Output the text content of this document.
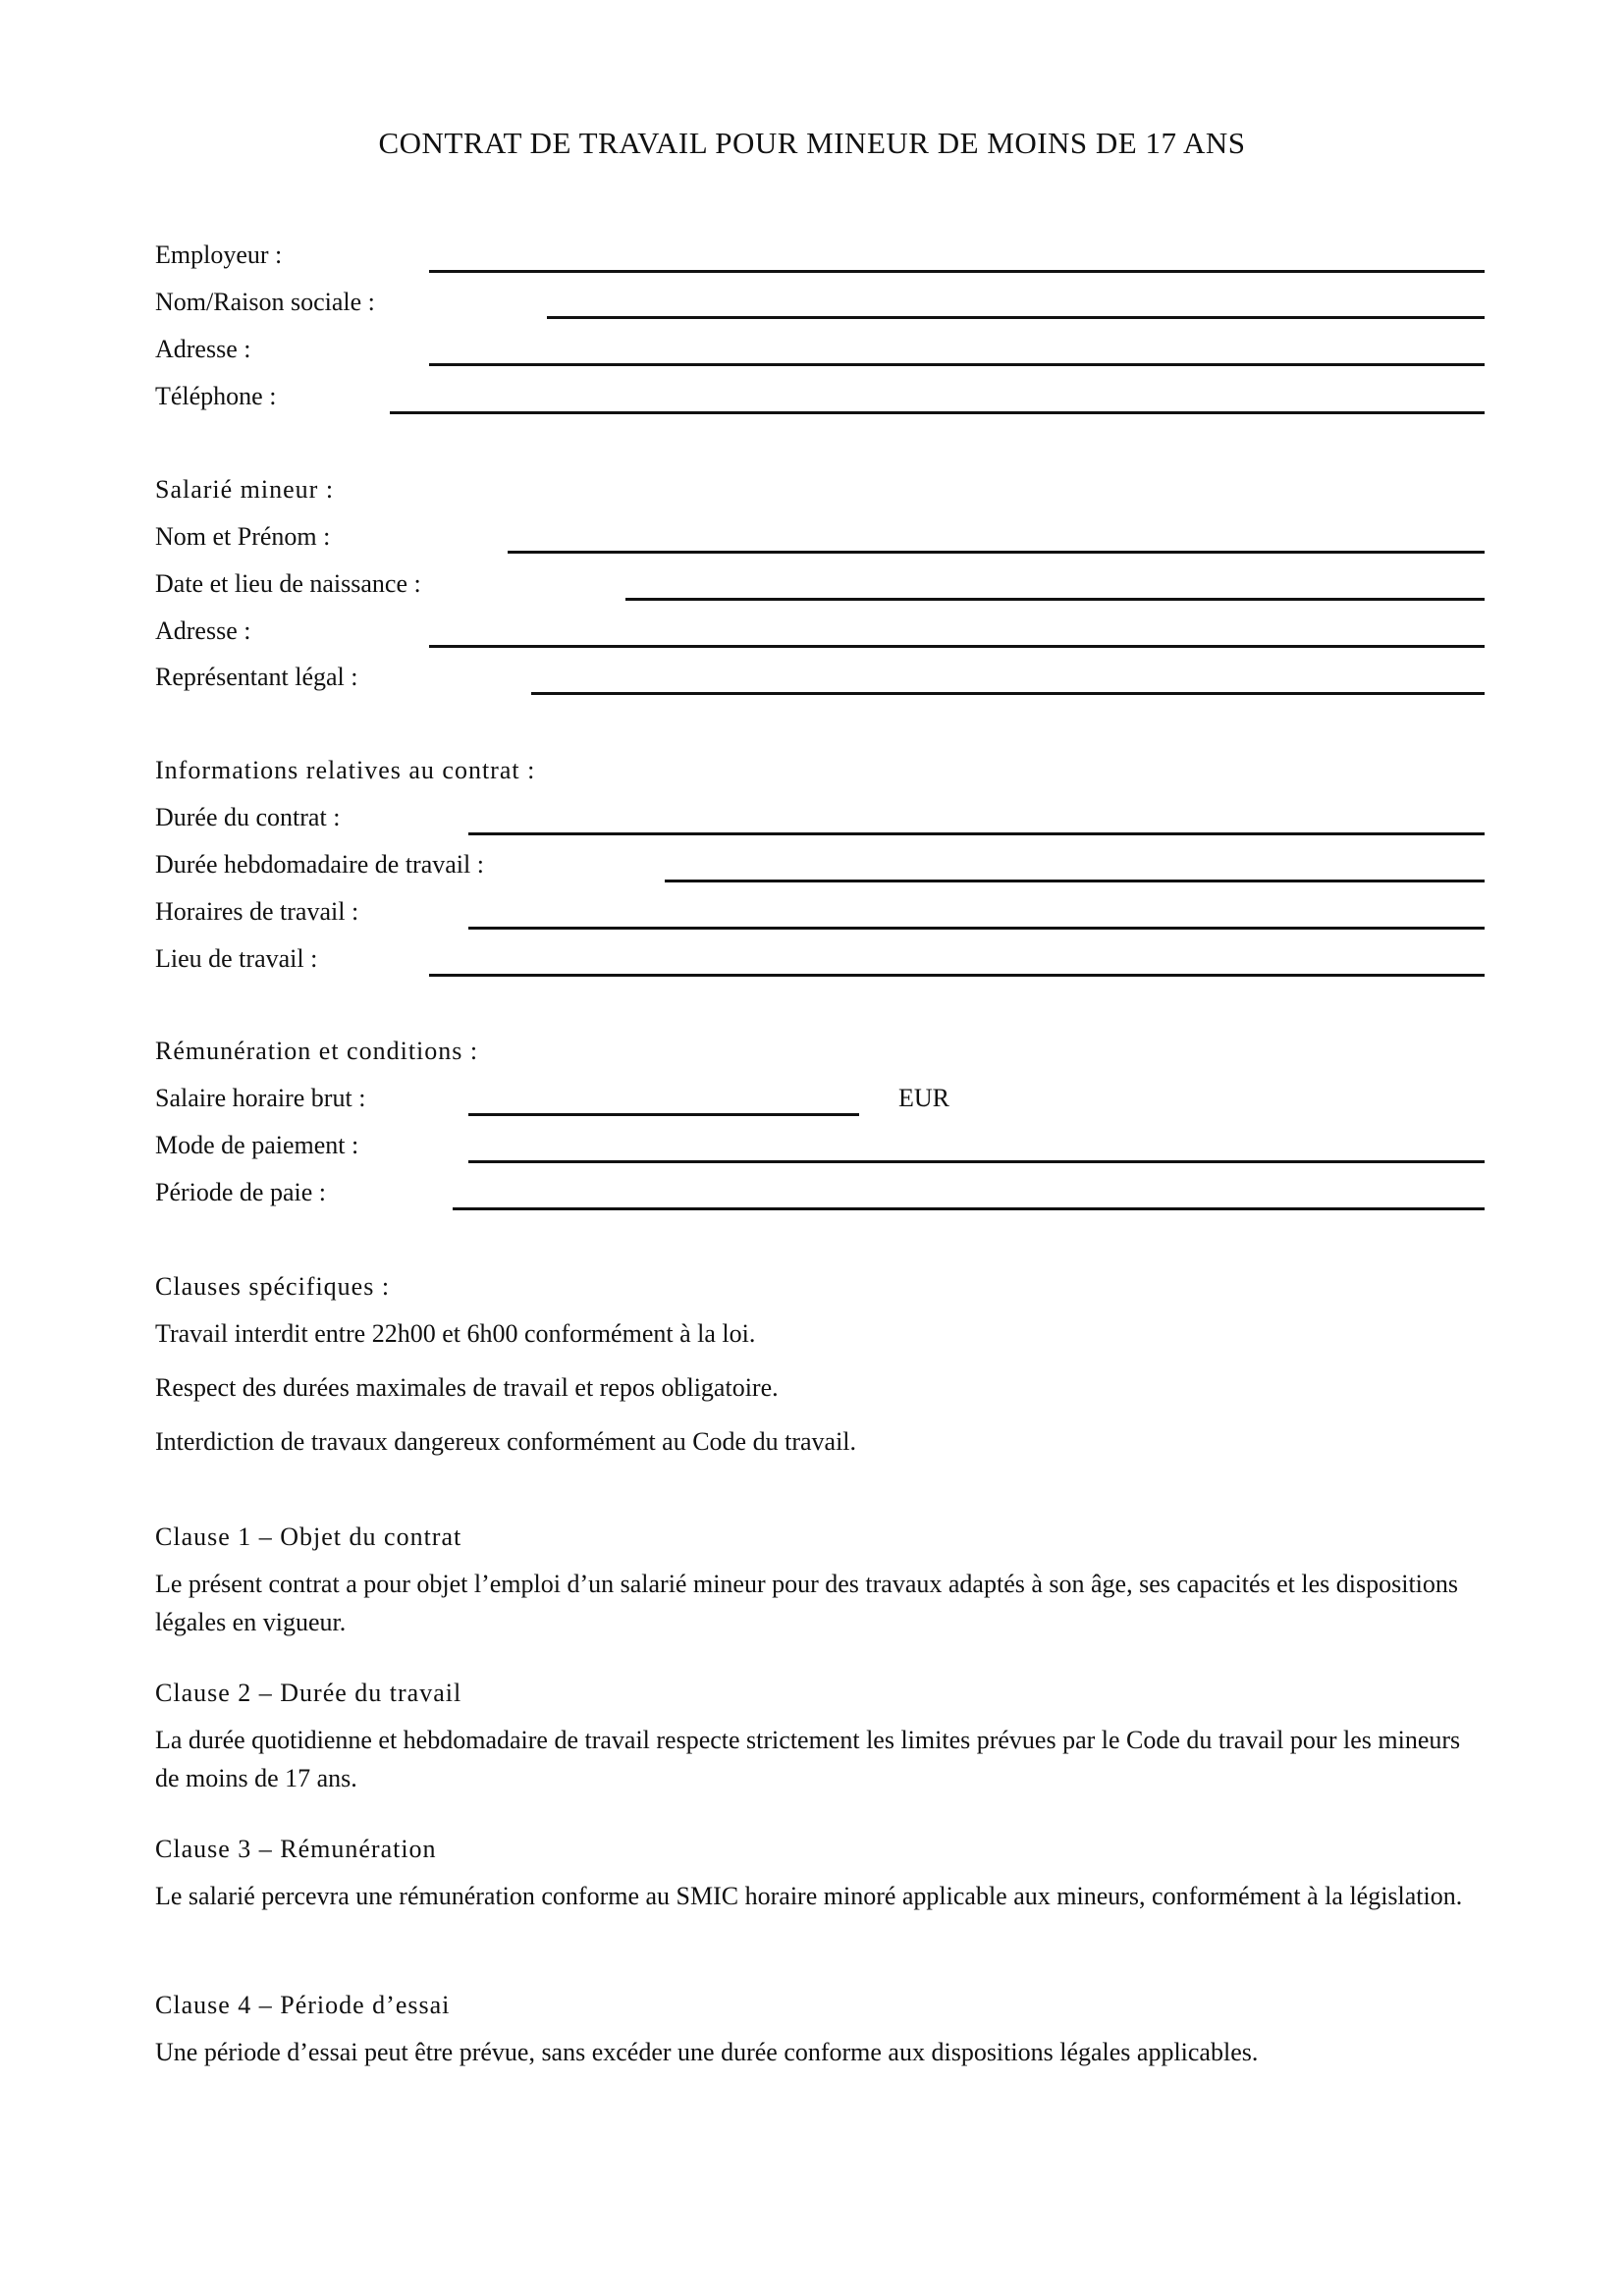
CONTRAT DE TRAVAIL POUR MINEUR DE MOINS DE 17 ANS
Employeur :
Nom/Raison sociale :
Adresse :
Téléphone :
Salarié mineur :
Nom et Prénom :
Date et lieu de naissance :
Adresse :
Représentant légal :
Informations relatives au contrat :
Durée du contrat :
Durée hebdomadaire de travail :
Horaires de travail :
Lieu de travail :
Rémunération et conditions :
Salaire horaire brut :	EUR
Mode de paiement :
Période de paie :
Clauses spécifiques :
Travail interdit entre 22h00 et 6h00 conformément à la loi.
Respect des durées maximales de travail et repos obligatoire.
Interdiction de travaux dangereux conformément au Code du travail.
Clause 1 – Objet du contrat
Le présent contrat a pour objet l’emploi d’un salarié mineur pour des travaux adaptés à son âge, ses capacités et les dispositions légales en vigueur.
Clause 2 – Durée du travail
La durée quotidienne et hebdomadaire de travail respecte strictement les limites prévues par le Code du travail pour les mineurs de moins de 17 ans.
Clause 3 – Rémunération
Le salarié percevra une rémunération conforme au SMIC horaire minoré applicable aux mineurs, conformément à la législation.
Clause 4 – Période d’essai
Une période d’essai peut être prévue, sans excéder une durée conforme aux dispositions légales applicables.
